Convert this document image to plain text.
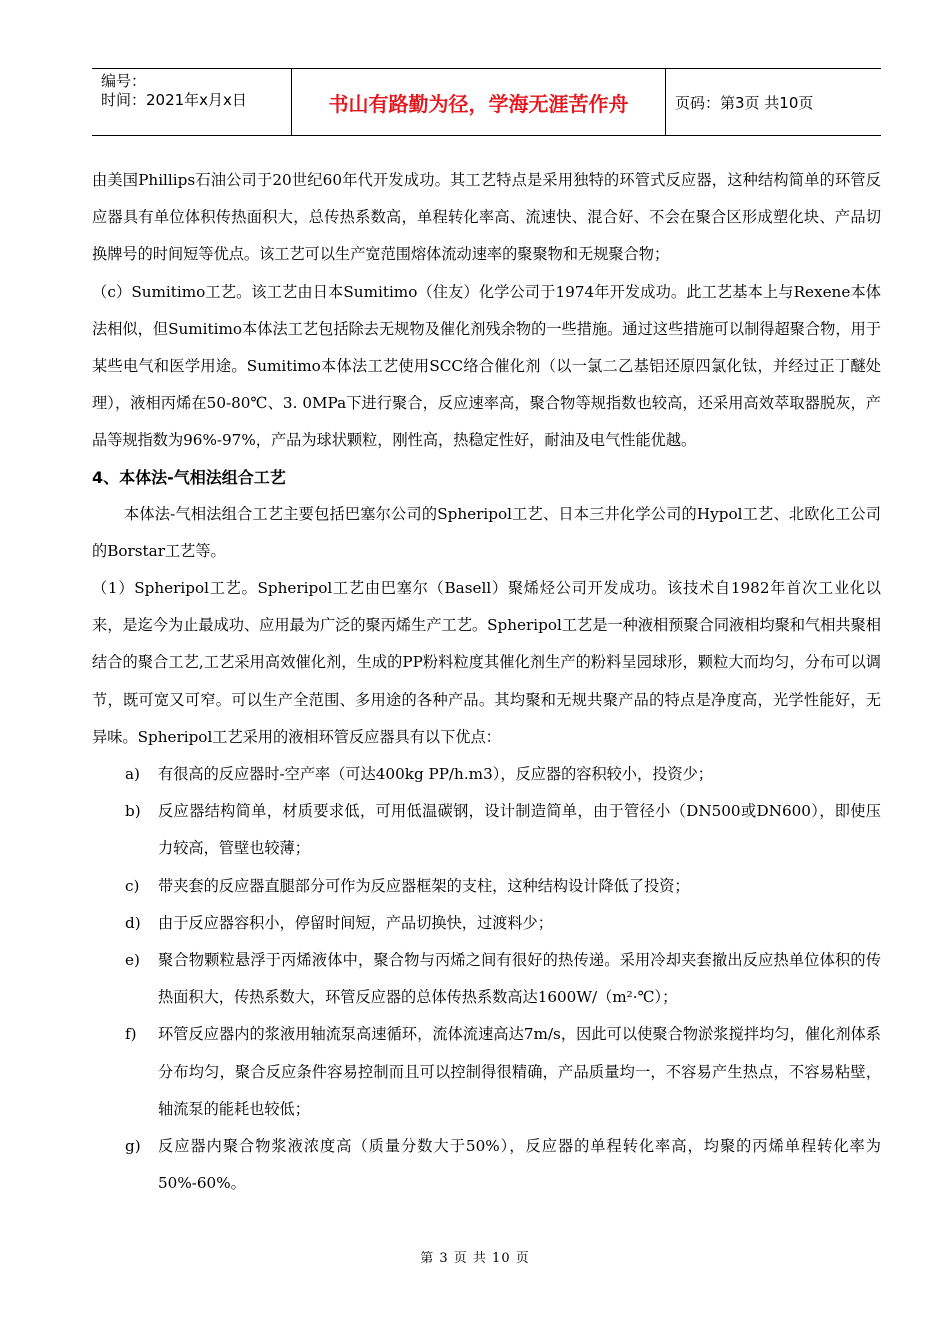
编号：
时间：2021年x月x日	书山有路勤为径，学海无涯苦作舟	页码：第3页 共10页

由美国Phillips石油公司于20世纪60年代开发成功。其工艺特点是采用独特的环管式反应器，这种结构简单的环管反应器具有单位体积传热面积大，总传热系数高，单程转化率高、流速快、混合好、不会在聚合区形成塑化块、产品切换牌号的时间短等优点。该工艺可以生产宽范围熔体流动速率的聚聚物和无规聚合物；

（c）Sumitimo工艺。该工艺由日本Sumitimo（住友）化学公司于1974年开发成功。此工艺基本上与Rexene本体法相似，但Sumitimo本体法工艺包括除去无规物及催化剂残余物的一些措施。通过这些措施可以制得超聚合物，用于某些电气和医学用途。Sumitimo本体法工艺使用SCC络合催化剂（以一氯二乙基铝还原四氯化钛，并经过正丁醚处理），液相丙烯在50-80℃、3. 0MPa下进行聚合，反应速率高，聚合物等规指数也较高，还采用高效萃取器脱灰，产品等规指数为96%-97%，产品为球状颗粒，刚性高，热稳定性好，耐油及电气性能优越。

4、本体法-气相法组合工艺

本体法-气相法组合工艺主要包括巴塞尔公司的Spheripol工艺、日本三井化学公司的Hypol工艺、北欧化工公司的Borstar工艺等。

（1）Spheripol工艺。Spheripol工艺由巴塞尔（Basell）聚烯烃公司开发成功。该技术自1982年首次工业化以来，是迄今为止最成功、应用最为广泛的聚丙烯生产工艺。Spheripol工艺是一种液相预聚合同液相均聚和气相共聚相结合的聚合工艺,工艺采用高效催化剂，生成的PP粉料粒度其催化剂生产的粉料呈园球形，颗粒大而均匀，分布可以调节，既可宽又可窄。可以生产全范围、多用途的各种产品。其均聚和无规共聚产品的特点是净度高，光学性能好，无异味。Spheripol工艺采用的液相环管反应器具有以下优点：

a) 有很高的反应器时-空产率（可达400kg PP/h.m3），反应器的容积较小，投资少；
b) 反应器结构简单，材质要求低，可用低温碳钢，设计制造简单，由于管径小（DN500或DN600），即使压力较高，管壁也较薄；
c) 带夹套的反应器直腿部分可作为反应器框架的支柱，这种结构设计降低了投资；
d) 由于反应器容积小，停留时间短，产品切换快，过渡料少；
e) 聚合物颗粒悬浮于丙烯液体中，聚合物与丙烯之间有很好的热传递。采用冷却夹套撤出反应热单位体积的传热面积大，传热系数大，环管反应器的总体传热系数高达1600W/（m²·℃）；
f) 环管反应器内的浆液用轴流泵高速循环，流体流速高达7m/s，因此可以使聚合物淤浆搅拌均匀，催化剂体系分布均匀，聚合反应条件容易控制而且可以控制得很精确，产品质量均一，不容易产生热点，不容易粘壁，轴流泵的能耗也较低；
g) 反应器内聚合物浆液浓度高（质量分数大于50%），反应器的单程转化率高，均聚的丙烯单程转化率为50%-60%。
第 3 页 共 10 页
